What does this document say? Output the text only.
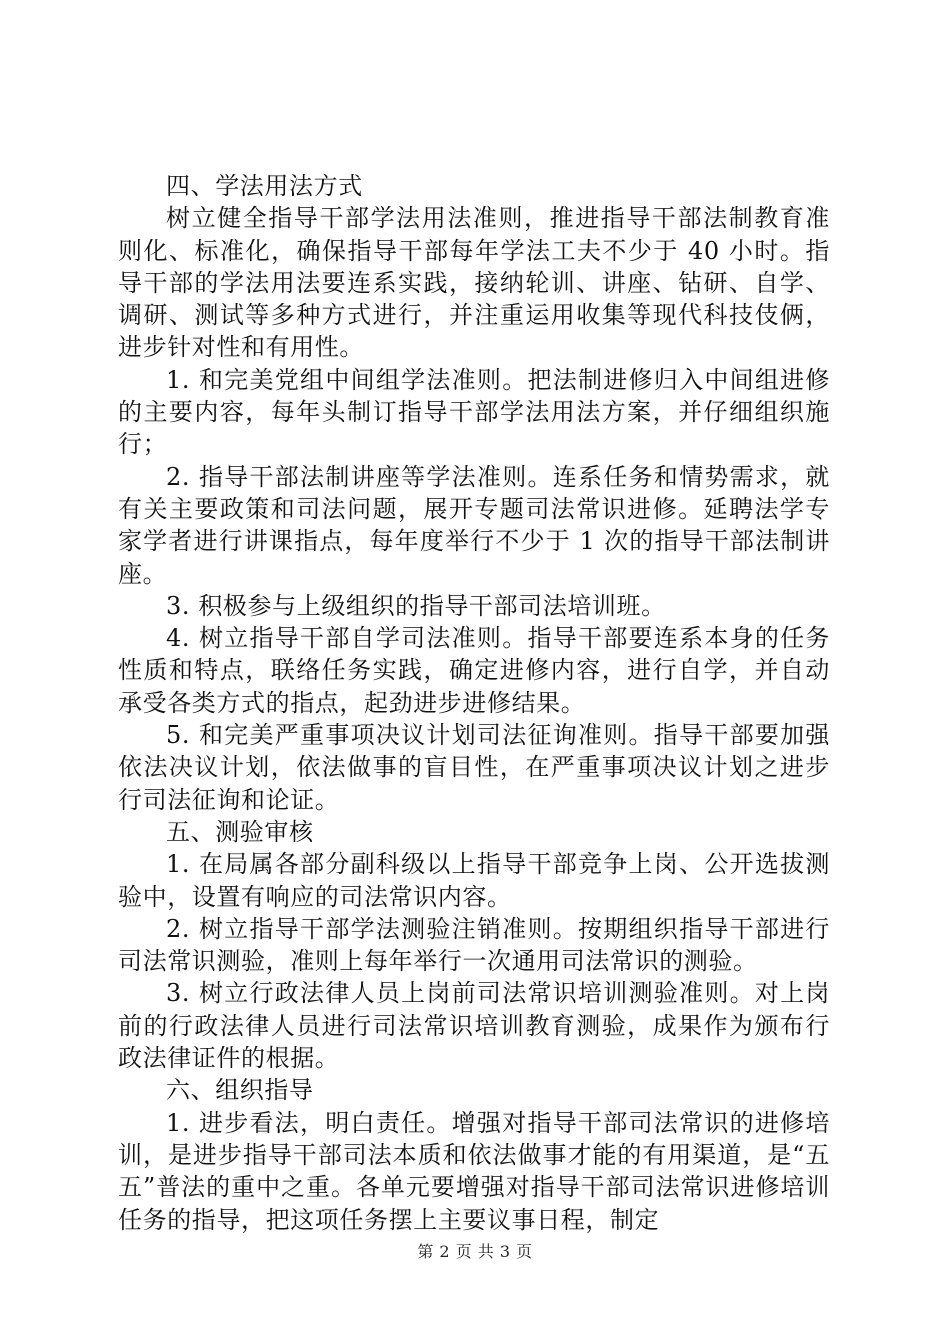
四、学法用法方式

树立健全指导干部学法用法准则，推进指导干部法制教育准则化、标准化，确保指导干部每年学法工夫不少于 40 小时。指导干部的学法用法要连系实践，接纳轮训、讲座、钻研、自学、调研、测试等多种方式进行，并注重运用收集等现代科技伎俩，进步针对性和有用性。

1. 和完美党组中间组学法准则。把法制进修归入中间组进修的主要内容，每年头制订指导干部学法用法方案，并仔细组织施行；

2. 指导干部法制讲座等学法准则。连系任务和情势需求，就有关主要政策和司法问题，展开专题司法常识进修。延聘法学专家学者进行讲课指点，每年度举行不少于 1 次的指导干部法制讲座。

3. 积极参与上级组织的指导干部司法培训班。

4. 树立指导干部自学司法准则。指导干部要连系本身的任务性质和特点，联络任务实践，确定进修内容，进行自学，并自动承受各类方式的指点，起劲进步进修结果。

5. 和完美严重事项决议计划司法征询准则。指导干部要加强依法决议计划，依法做事的盲目性，在严重事项决议计划之进步行司法征询和论证。

五、测验审核

1. 在局属各部分副科级以上指导干部竞争上岗、公开选拔测验中，设置有响应的司法常识内容。

2. 树立指导干部学法测验注销准则。按期组织指导干部进行司法常识测验，准则上每年举行一次通用司法常识的测验。

3. 树立行政法律人员上岗前司法常识培训测验准则。对上岗前的行政法律人员进行司法常识培训教育测验，成果作为颁布行政法律证件的根据。

六、组织指导

1. 进步看法，明白责任。增强对指导干部司法常识的进修培训，是进步指导干部司法本质和依法做事才能的有用渠道，是“五五”普法的重中之重。各单元要增强对指导干部司法常识进修培训任务的指导，把这项任务摆上主要议事日程，制定

第 2 页 共 3 页
